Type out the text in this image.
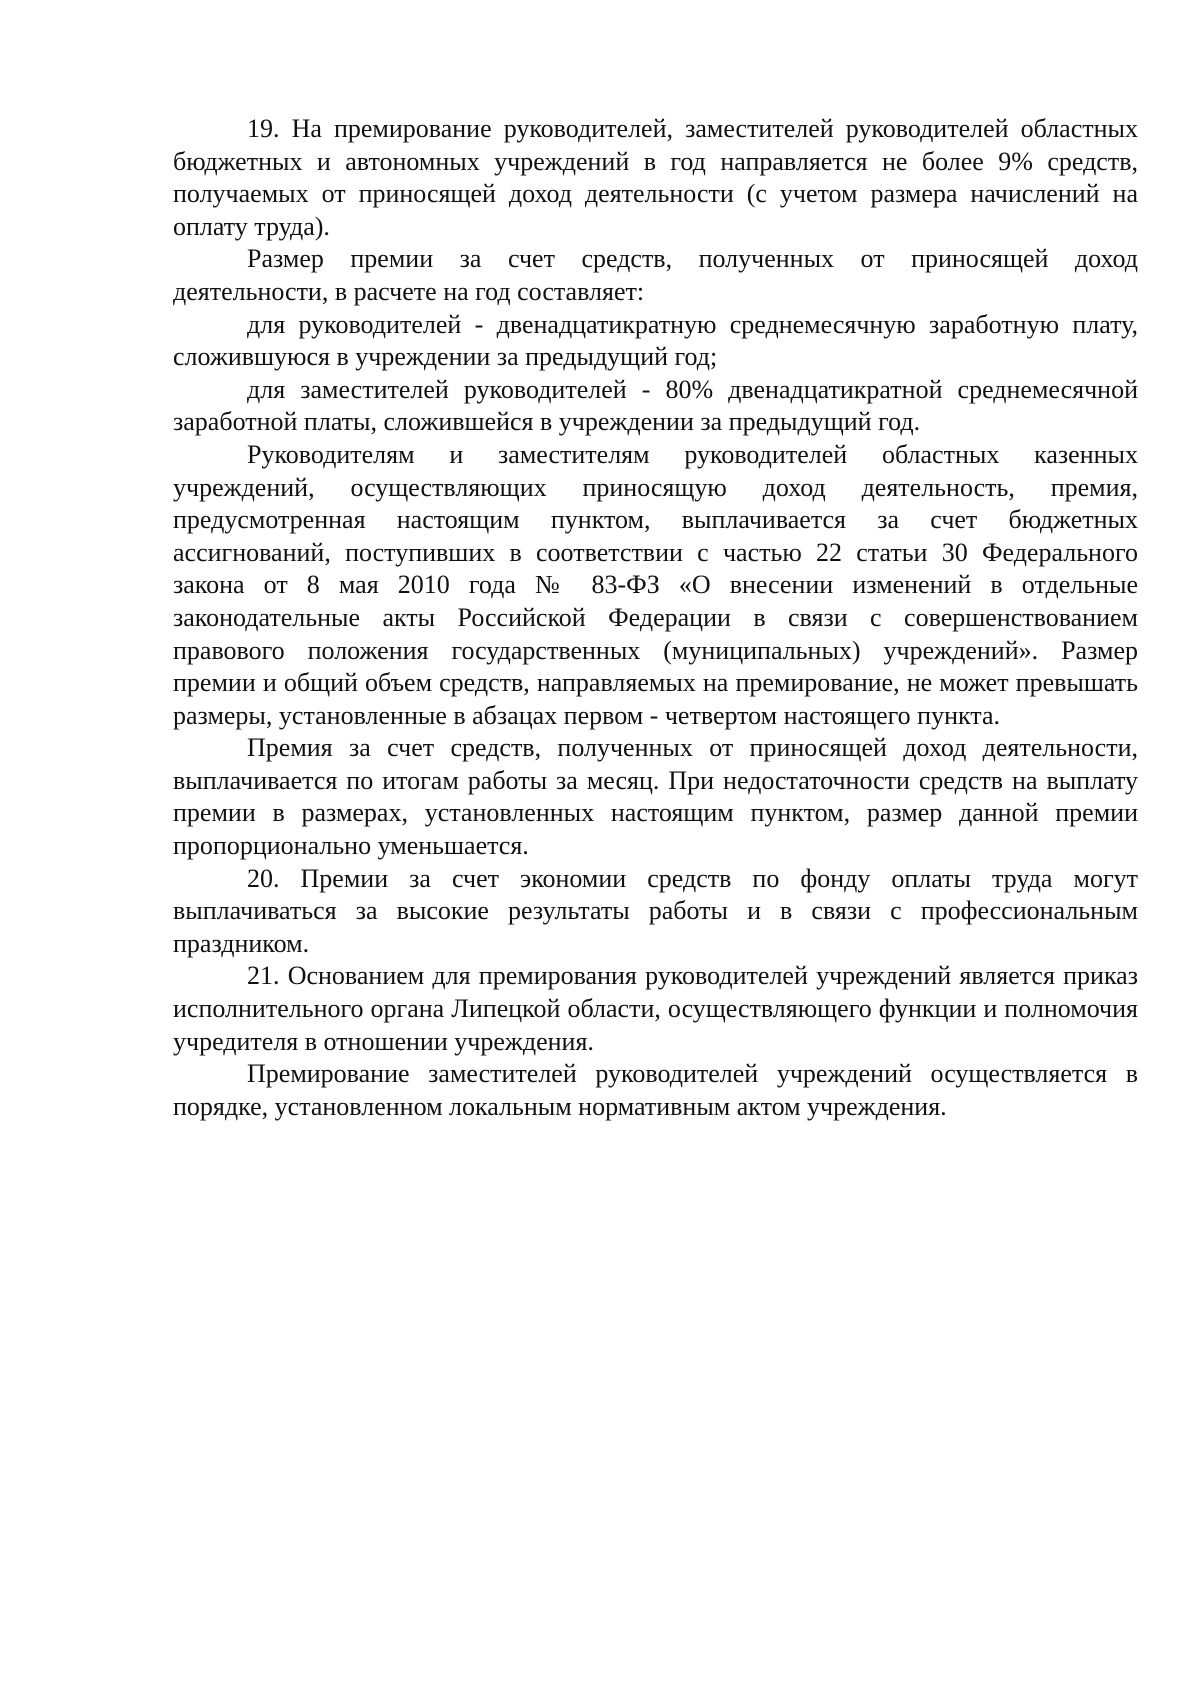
19. На премирование руководителей, заместителей руководителей областных бюджетных и автономных учреждений в год направляется не более 9% средств, получаемых от приносящей доход деятельности (с учетом размера начислений на оплату труда).

Размер премии за счет средств, полученных от приносящей доход деятельности, в расчете на год составляет:

для руководителей - двенадцатикратную среднемесячную заработную плату, сложившуюся в учреждении за предыдущий год;

для заместителей руководителей - 80% двенадцатикратной среднемесячной заработной платы, сложившейся в учреждении за предыдущий год.

Руководителям и заместителям руководителей областных казенных учреждений, осуществляющих приносящую доход деятельность, премия, предусмотренная настоящим пунктом, выплачивается за счет бюджетных ассигнований, поступивших в соответствии с частью 22 статьи 30 Федерального закона от 8 мая 2010 года № 83-ФЗ «О внесении изменений в отдельные законодательные акты Российской Федерации в связи с совершенствованием правового положения государственных (муниципальных) учреждений». Размер премии и общий объем средств, направляемых на премирование, не может превышать размеры, установленные в абзацах первом - четвертом настоящего пункта.

Премия за счет средств, полученных от приносящей доход деятельности, выплачивается по итогам работы за месяц. При недостаточности средств на выплату премии в размерах, установленных настоящим пунктом, размер данной премии пропорционально уменьшается.

20. Премии за счет экономии средств по фонду оплаты труда могут выплачиваться за высокие результаты работы и в связи с профессиональным праздником.

21. Основанием для премирования руководителей учреждений является приказ исполнительного органа Липецкой области, осуществляющего функции и полномочия учредителя в отношении учреждения.

Премирование заместителей руководителей учреждений осуществляется в порядке, установленном локальным нормативным актом учреждения.
